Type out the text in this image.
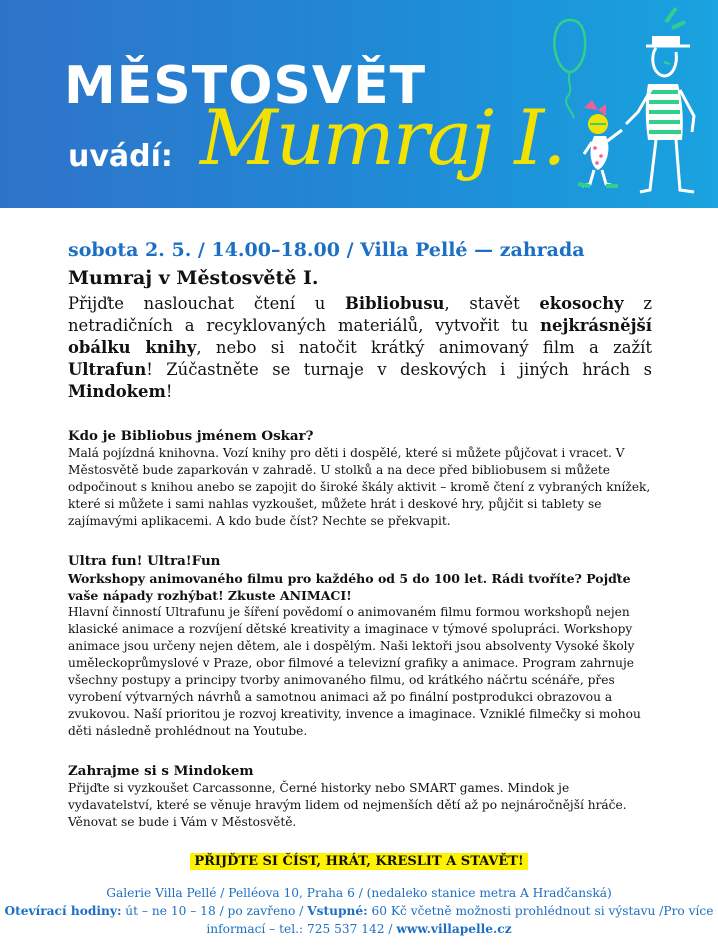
MĚSTOSVĚT
uvádí: Mumraj I.
sobota 2. 5. / 14.00–18.00 / Villa Pellé — zahrada
Mumraj v Městosvětě I.

Přijďte naslouchat čtení u Bibliobusu, stavět ekosochy z netradičních a recyklovaných materiálů, vytvořit tu nejkrásnější obálku knihy, nebo si natočit krátký animovaný film a zažít Ultrafun! Zúčastněte se turnaje v deskových i jiných hrách s Mindokem!

Kdo je Bibliobus jménem Oskar?

Malá pojízdná knihovna. Vozí knihy pro děti i dospělé, které si můžete půjčovat i vracet. V Městosvětě bude zaparkován v zahradě. U stolků a na dece před bibliobusem si můžete odpočinout s knihou anebo se zapojit do široké škály aktivit – kromě čtení z vybraných knížek, které si můžete i sami nahlas vyzkoušet, můžete hrát i deskové hry, půjčit si tablety se zajímavými aplikacemi. A kdo bude číst? Nechte se překvapit.

Ultra fun! Ultra!Fun
Workshopy animovaného filmu pro každého od 5 do 100 let. Rádi tvoříte? Pojďte vaše nápady rozhýbat! Zkuste ANIMACI!

Hlavní činností Ultrafunu je šíření povědomí o animovaném filmu formou workshopů nejen klasické animace a rozvíjení dětské kreativity a imaginace v týmové spolupráci. Workshopy animace jsou určeny nejen dětem, ale i dospělým. Naši lektoři jsou absolventy Vysoké školy uměleckoprůmyslové v Praze, obor filmové a televizní grafiky a animace. Program zahrnuje všechny postupy a principy tvorby animovaného filmu, od krátkého náčrtu scénáře, přes vyrobení výtvarných návrhů a samotnou animaci až po finální postprodukci obrazovou a zvukovou. Naší prioritou je rozvoj kreativity, invence a imaginace. Vzniklé filmečky si mohou děti následně prohlédnout na Youtube.

Zahrajme si s Mindokem

Přijďte si vyzkoušet Carcassonne, Černé historky nebo SMART games. Mindok je vydavatelství, které se věnuje hravým lidem od nejmenších dětí až po nejnáročnější hráče. Věnovat se bude i Vám v Městosvětě.

PŘIJĎTE SI ČÍST, HRÁT, KRESLIT A STAVĚT!
Galerie Villa Pellé / Pelléova 10, Praha 6 / (nedaleko stanice metra A Hradčanská)
Otevírací hodiny: út – ne 10 – 18 / po zavřeno / Vstupné: 60 Kč včetně možnosti prohlédnout si výstavu /Pro více informací – tel.: 725 537 142 / www.villapelle.cz
